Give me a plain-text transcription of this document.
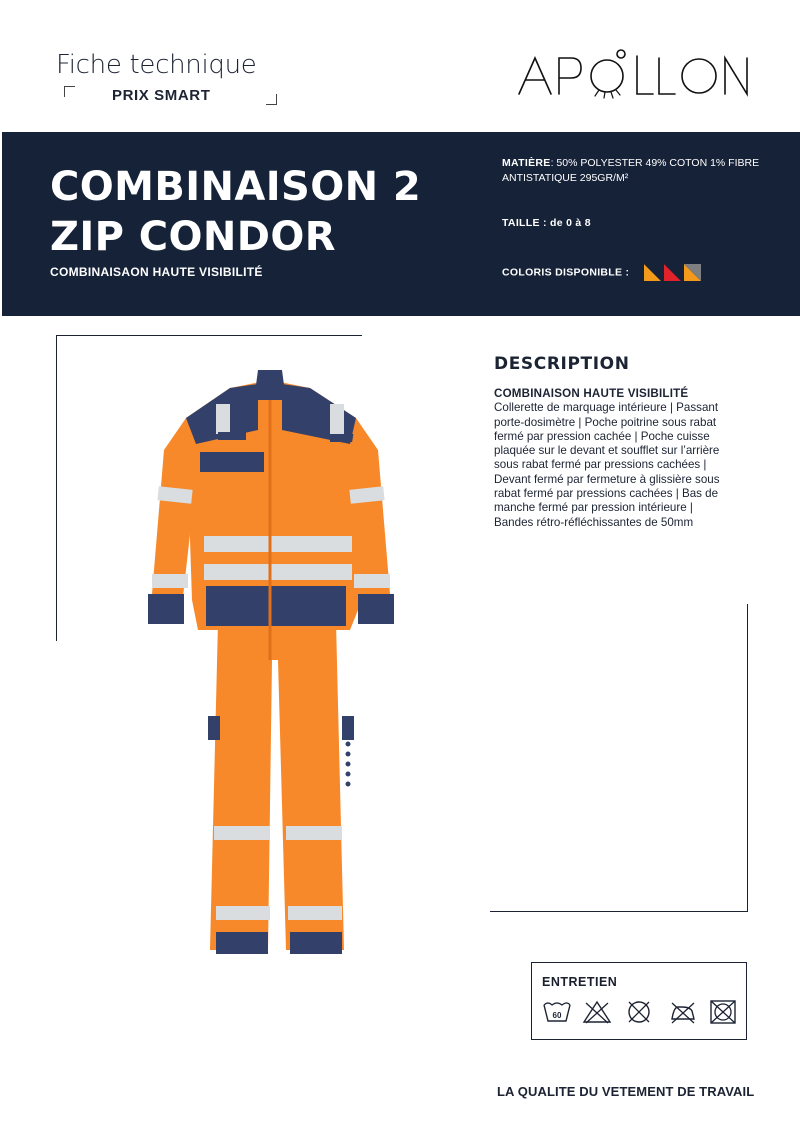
Fiche technique
PRIX SMART
COMBINAISON 2
ZIP CONDOR
COMBINAISAON HAUTE VISIBILITÉ
MATIÈRE: 50% POLYESTER 49% COTON 1% FIBRE ANTISTATIQUE 295GR/M²
TAILLE : de 0 à 8
COLORIS DISPONIBLE :
DESCRIPTION
COMBINAISON HAUTE VISIBILITÉ
Collerette de marquage intérieure | Passant porte-dosimètre | Poche poitrine sous rabat fermé par pression cachée | Poche cuisse plaquée sur le devant et soufflet sur l’arrière sous rabat fermé par pressions cachées | Devant fermé par fermeture à glissière sous rabat fermé par pressions cachées | Bas de manche fermé par pression intérieure | Bandes rétro-réfléchissantes de 50mm
ENTRETIEN
60
LA QUALITE DU VETEMENT DE TRAVAIL
